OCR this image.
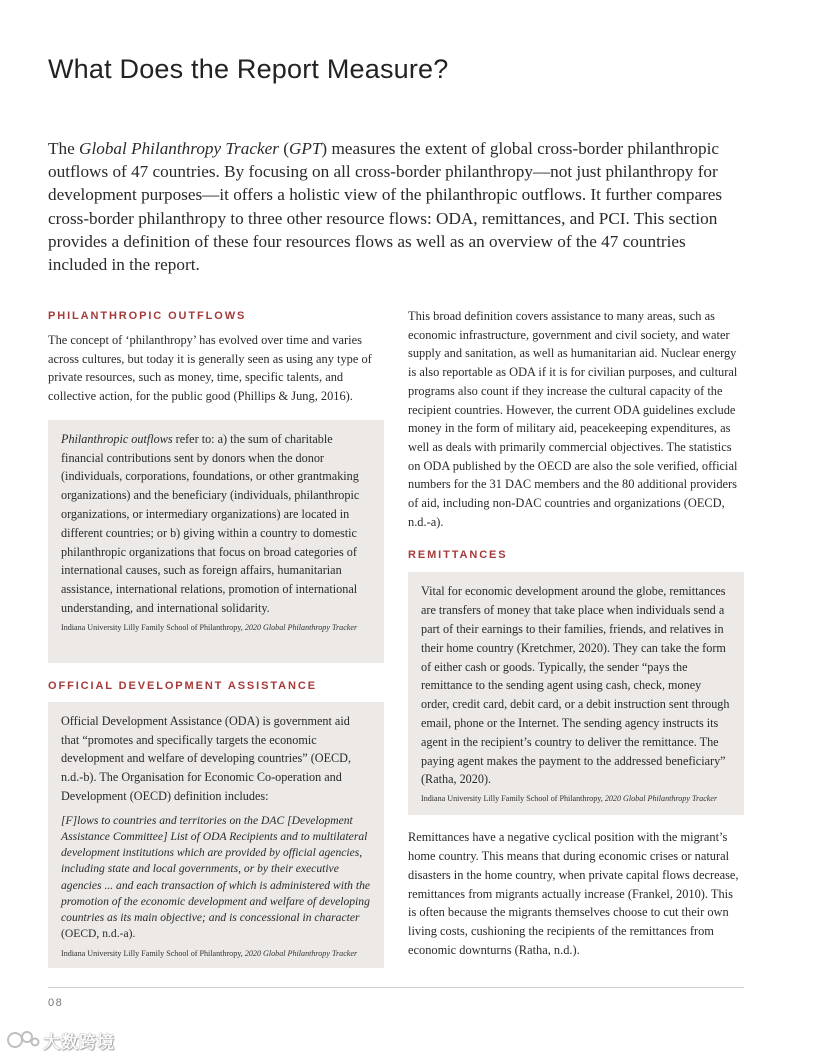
What Does the Report Measure?

The Global Philanthropy Tracker (GPT) measures the extent of global cross-border philanthropic outflows of 47 countries. By focusing on all cross-border philanthropy—not just philanthropy for development purposes—it offers a holistic view of the philanthropic outflows. It further compares cross-border philanthropy to three other resource flows: ODA, remittances, and PCI. This section provides a definition of these four resources flows as well as an overview of the 47 countries included in the report.

PHILANTHROPIC OUTFLOWS

The concept of ‘philanthropy’ has evolved over time and varies across cultures, but today it is generally seen as using any type of private resources, such as money, time, specific talents, and collective action, for the public good (Phillips & Jung, 2016).

Philanthropic outflows refer to: a) the sum of charitable financial contributions sent by donors when the donor (individuals, corporations, foundations, or other grantmaking organizations) and the beneficiary (individuals, philanthropic organizations, or intermediary organizations) are located in different countries; or b) giving within a country to domestic philanthropic organizations that focus on broad categories of international causes, such as foreign affairs, humanitarian assistance, international relations, promotion of international understanding, and international solidarity.

Indiana University Lilly Family School of Philanthropy, 2020 Global Philanthropy Tracker

OFFICIAL DEVELOPMENT ASSISTANCE

Official Development Assistance (ODA) is government aid that “promotes and specifically targets the economic development and welfare of developing countries” (OECD, n.d.-b). The Organisation for Economic Co-operation and Development (OECD) definition includes:

[F]lows to countries and territories on the DAC [Development Assistance Committee] List of ODA Recipients and to multilateral development institutions which are provided by official agencies, including state and local governments, or by their executive agencies ... and each transaction of which is administered with the promotion of the economic development and welfare of developing countries as its main objective; and is concessional in character (OECD, n.d.-a).

Indiana University Lilly Family School of Philanthropy, 2020 Global Philanthropy Tracker

This broad definition covers assistance to many areas, such as economic infrastructure, government and civil society, and water supply and sanitation, as well as humanitarian aid. Nuclear energy is also reportable as ODA if it is for civilian purposes, and cultural programs also count if they increase the cultural capacity of the recipient countries. However, the current ODA guidelines exclude money in the form of military aid, peacekeeping expenditures, as well as deals with primarily commercial objectives. The statistics on ODA published by the OECD are also the sole verified, official numbers for the 31 DAC members and the 80 additional providers of aid, including non-DAC countries and organizations (OECD, n.d.-a).

REMITTANCES

Vital for economic development around the globe, remittances are transfers of money that take place when individuals send a part of their earnings to their families, friends, and relatives in their home country (Kretchmer, 2020). They can take the form of either cash or goods. Typically, the sender “pays the remittance to the sending agent using cash, check, money order, credit card, debit card, or a debit instruction sent through email, phone or the Internet. The sending agency instructs its agent in the recipient’s country to deliver the remittance. The paying agent makes the payment to the addressed beneficiary” (Ratha, 2020).

Indiana University Lilly Family School of Philanthropy, 2020 Global Philanthropy Tracker

Remittances have a negative cyclical position with the migrant’s home country. This means that during economic crises or natural disasters in the home country, when private capital flows decrease, remittances from migrants actually increase (Frankel, 2010). This is often because the migrants themselves choose to cut their own living costs, cushioning the recipients of the remittances from economic downturns (Ratha, n.d.).

08
大数跨境
